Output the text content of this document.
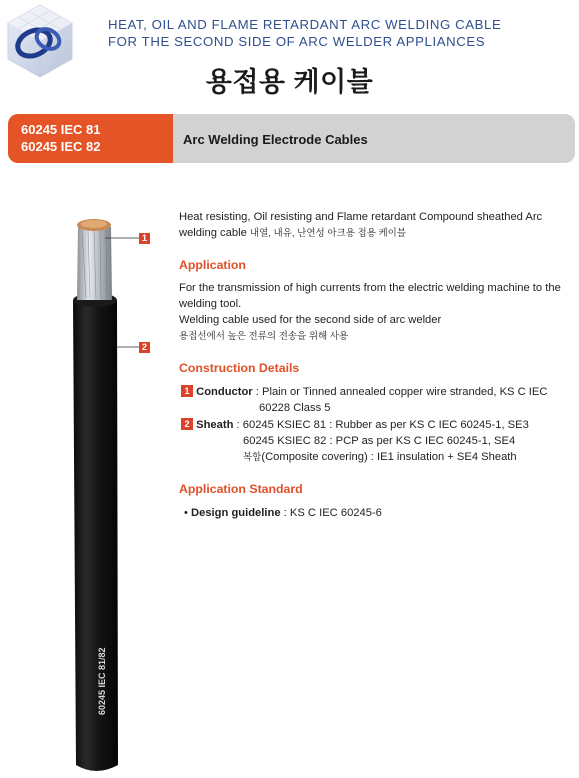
HEAT, OIL AND FLAME RETARDANT ARC WELDING CABLE
FOR THE SECOND SIDE OF ARC WELDER APPLIANCES
용접용 케이블
60245 IEC 81
60245 IEC 82	Arc Welding Electrode Cables
60245 IEC 81/82
1
2
Heat resisting, Oil resisting and Flame retardant Compound sheathed Arc welding cable 내열, 내유, 난연성 아크용 접용 케이블
Application
For the transmission of high currents from the electric welding machine to the welding tool.
Welding cable used for the second side of arc welder
용접선에서 높은 전류의 전송을 위해 사용
Construction Details
1 Conductor : Plain or Tinned annealed copper wire stranded, KS C IEC
60228 Class 5
2 Sheath : 60245 KSIEC 81 : Rubber as per KS C IEC 60245-1, SE3
60245 KSIEC 82 : PCP as per KS C IEC 60245-1, SE4
복합(Composite covering) : IE1 insulation + SE4 Sheath
Application Standard
• Design guideline : KS C IEC 60245-6
